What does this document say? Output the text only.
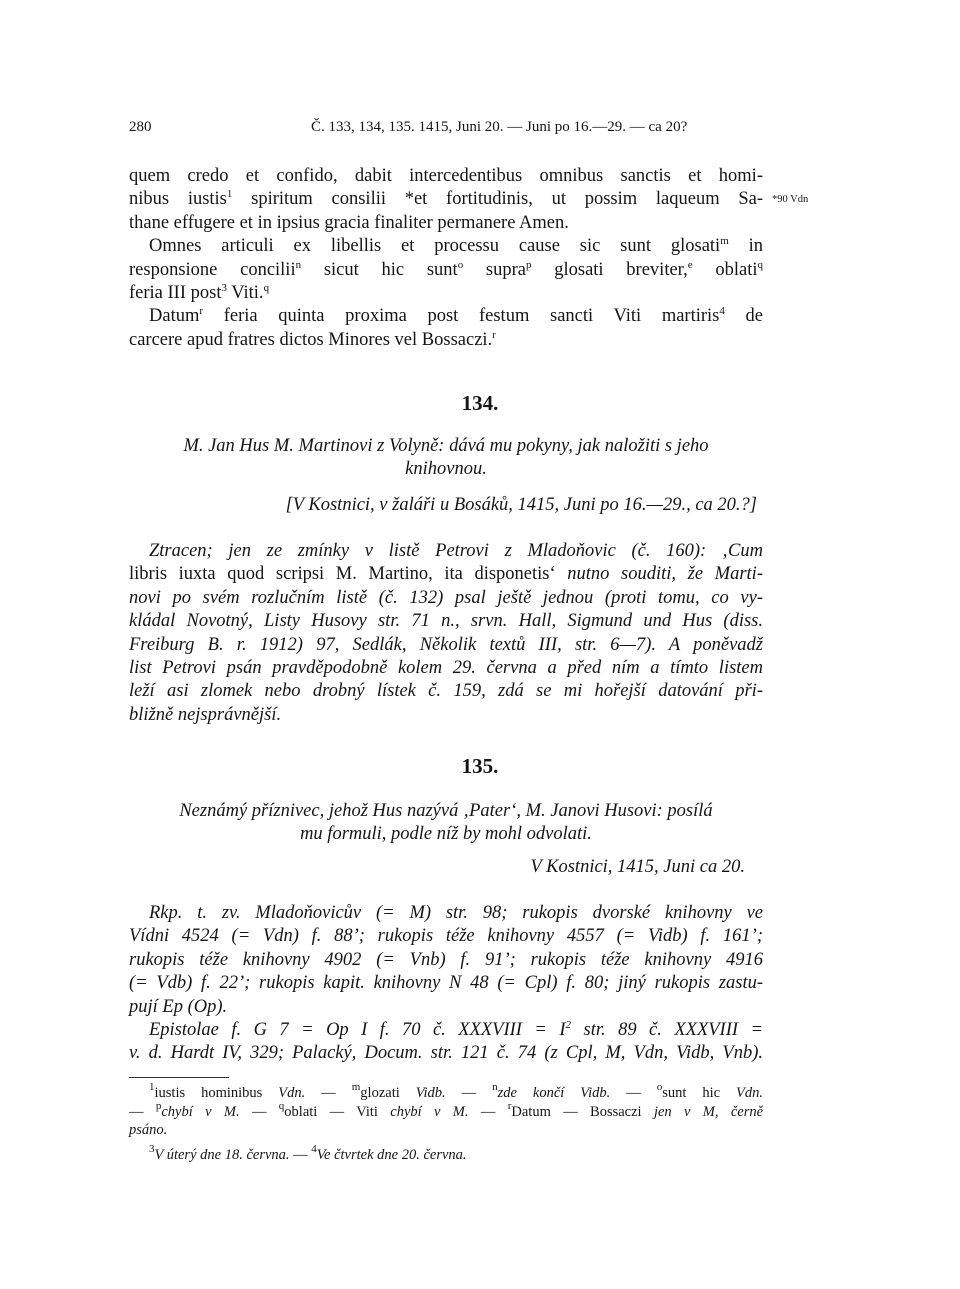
280	Č. 133, 134, 135. 1415, Juni 20. — Juni po 16.—29. — ca 20?
*90 Vdn
quem credo et confido, dabit intercedentibus omnibus sanctis et homi-
nibus iustis$^1$ spiritum consilii *et fortitudinis, ut possim laqueum Sa-
thane effugere et in ipsius gracia finaliter permanere Amen.
Omnes articuli ex libellis et processu cause sic sunt glosati$^m$ in
responsione concilii$^n$ sicut hic sunt$^o$ supra$^p$ glosati breviter,$^e$ oblati$^q$
feria III post$^3$ Viti.$^q$
Datum$^r$ feria quinta proxima post festum sancti Viti martiris$^4$ de
carcere apud fratres dictos Minores vel Bossaczi.$^r$
134.
M. Jan Hus M. Martinovi z Volyně: dává mu pokyny, jak naložiti s jeho
knihovnou.
[V Kostnici, v žaláři u Bosáků, 1415, Juni po 16.—29., ca 20.?]
Ztracen; jen ze zmínky v listě Petrovi z Mladoňovic (č. 160): ‚Cum
libris iuxta quod scripsi M. Martino, ita disponetis‘ nutno souditi, že Marti-
novi po svém rozlučním listě (č. 132) psal ještě jednou (proti tomu, co vy-
kládal Novotný, Listy Husovy str. 71 n., srvn. Hall, Sigmund und Hus (diss.
Freiburg B. r. 1912) 97, Sedlák, Několik textů III, str. 6—7). A poněvadž
list Petrovi psán pravděpodobně kolem 29. června a před ním a tímto listem
leží asi zlomek nebo drobný lístek č. 159, zdá se mi hořejší datování při-
bližně nejsprávnější.
135.
Neznámý příznivec, jehož Hus nazývá ‚Pater‘, M. Janovi Husovi: posílá
mu formuli, podle níž by mohl odvolati.
V Kostnici, 1415, Juni ca 20.
Rkp. t. zv. Mladoňovicův (= M) str. 98; rukopis dvorské knihovny ve
Vídni 4524 (= Vdn) f. 88’; rukopis téže knihovny 4557 (= Vidb) f. 161’;
rukopis téže knihovny 4902 (= Vnb) f. 91’; rukopis téže knihovny 4916
(= Vdb) f. 22’; rukopis kapit. knihovny N 48 (= Cpl) f. 80; jiný rukopis zastu-
pují Ep (Op).
Epistolae f. G 7 = Op I f. 70 č. XXXVIII = $I^2$ str. 89 č. XXXVIII =
v. d. Hardt IV, 329; Palacký, Docum. str. 121 č. 74 (z Cpl, M, Vdn, Vidb, Vnb).
$^1$iustis hominibus Vdn. — $^m$glozati Vidb. — $^n$zde končí Vidb. — $^o$sunt hic Vdn.
— $^p$chybí v M. — $^q$oblati — Viti chybí v M. — $^r$Datum — Bossaczi jen v M, černě
psáno.
$^3$V úterý dne 18. června. — $^4$Ve čtvrtek dne 20. června.
